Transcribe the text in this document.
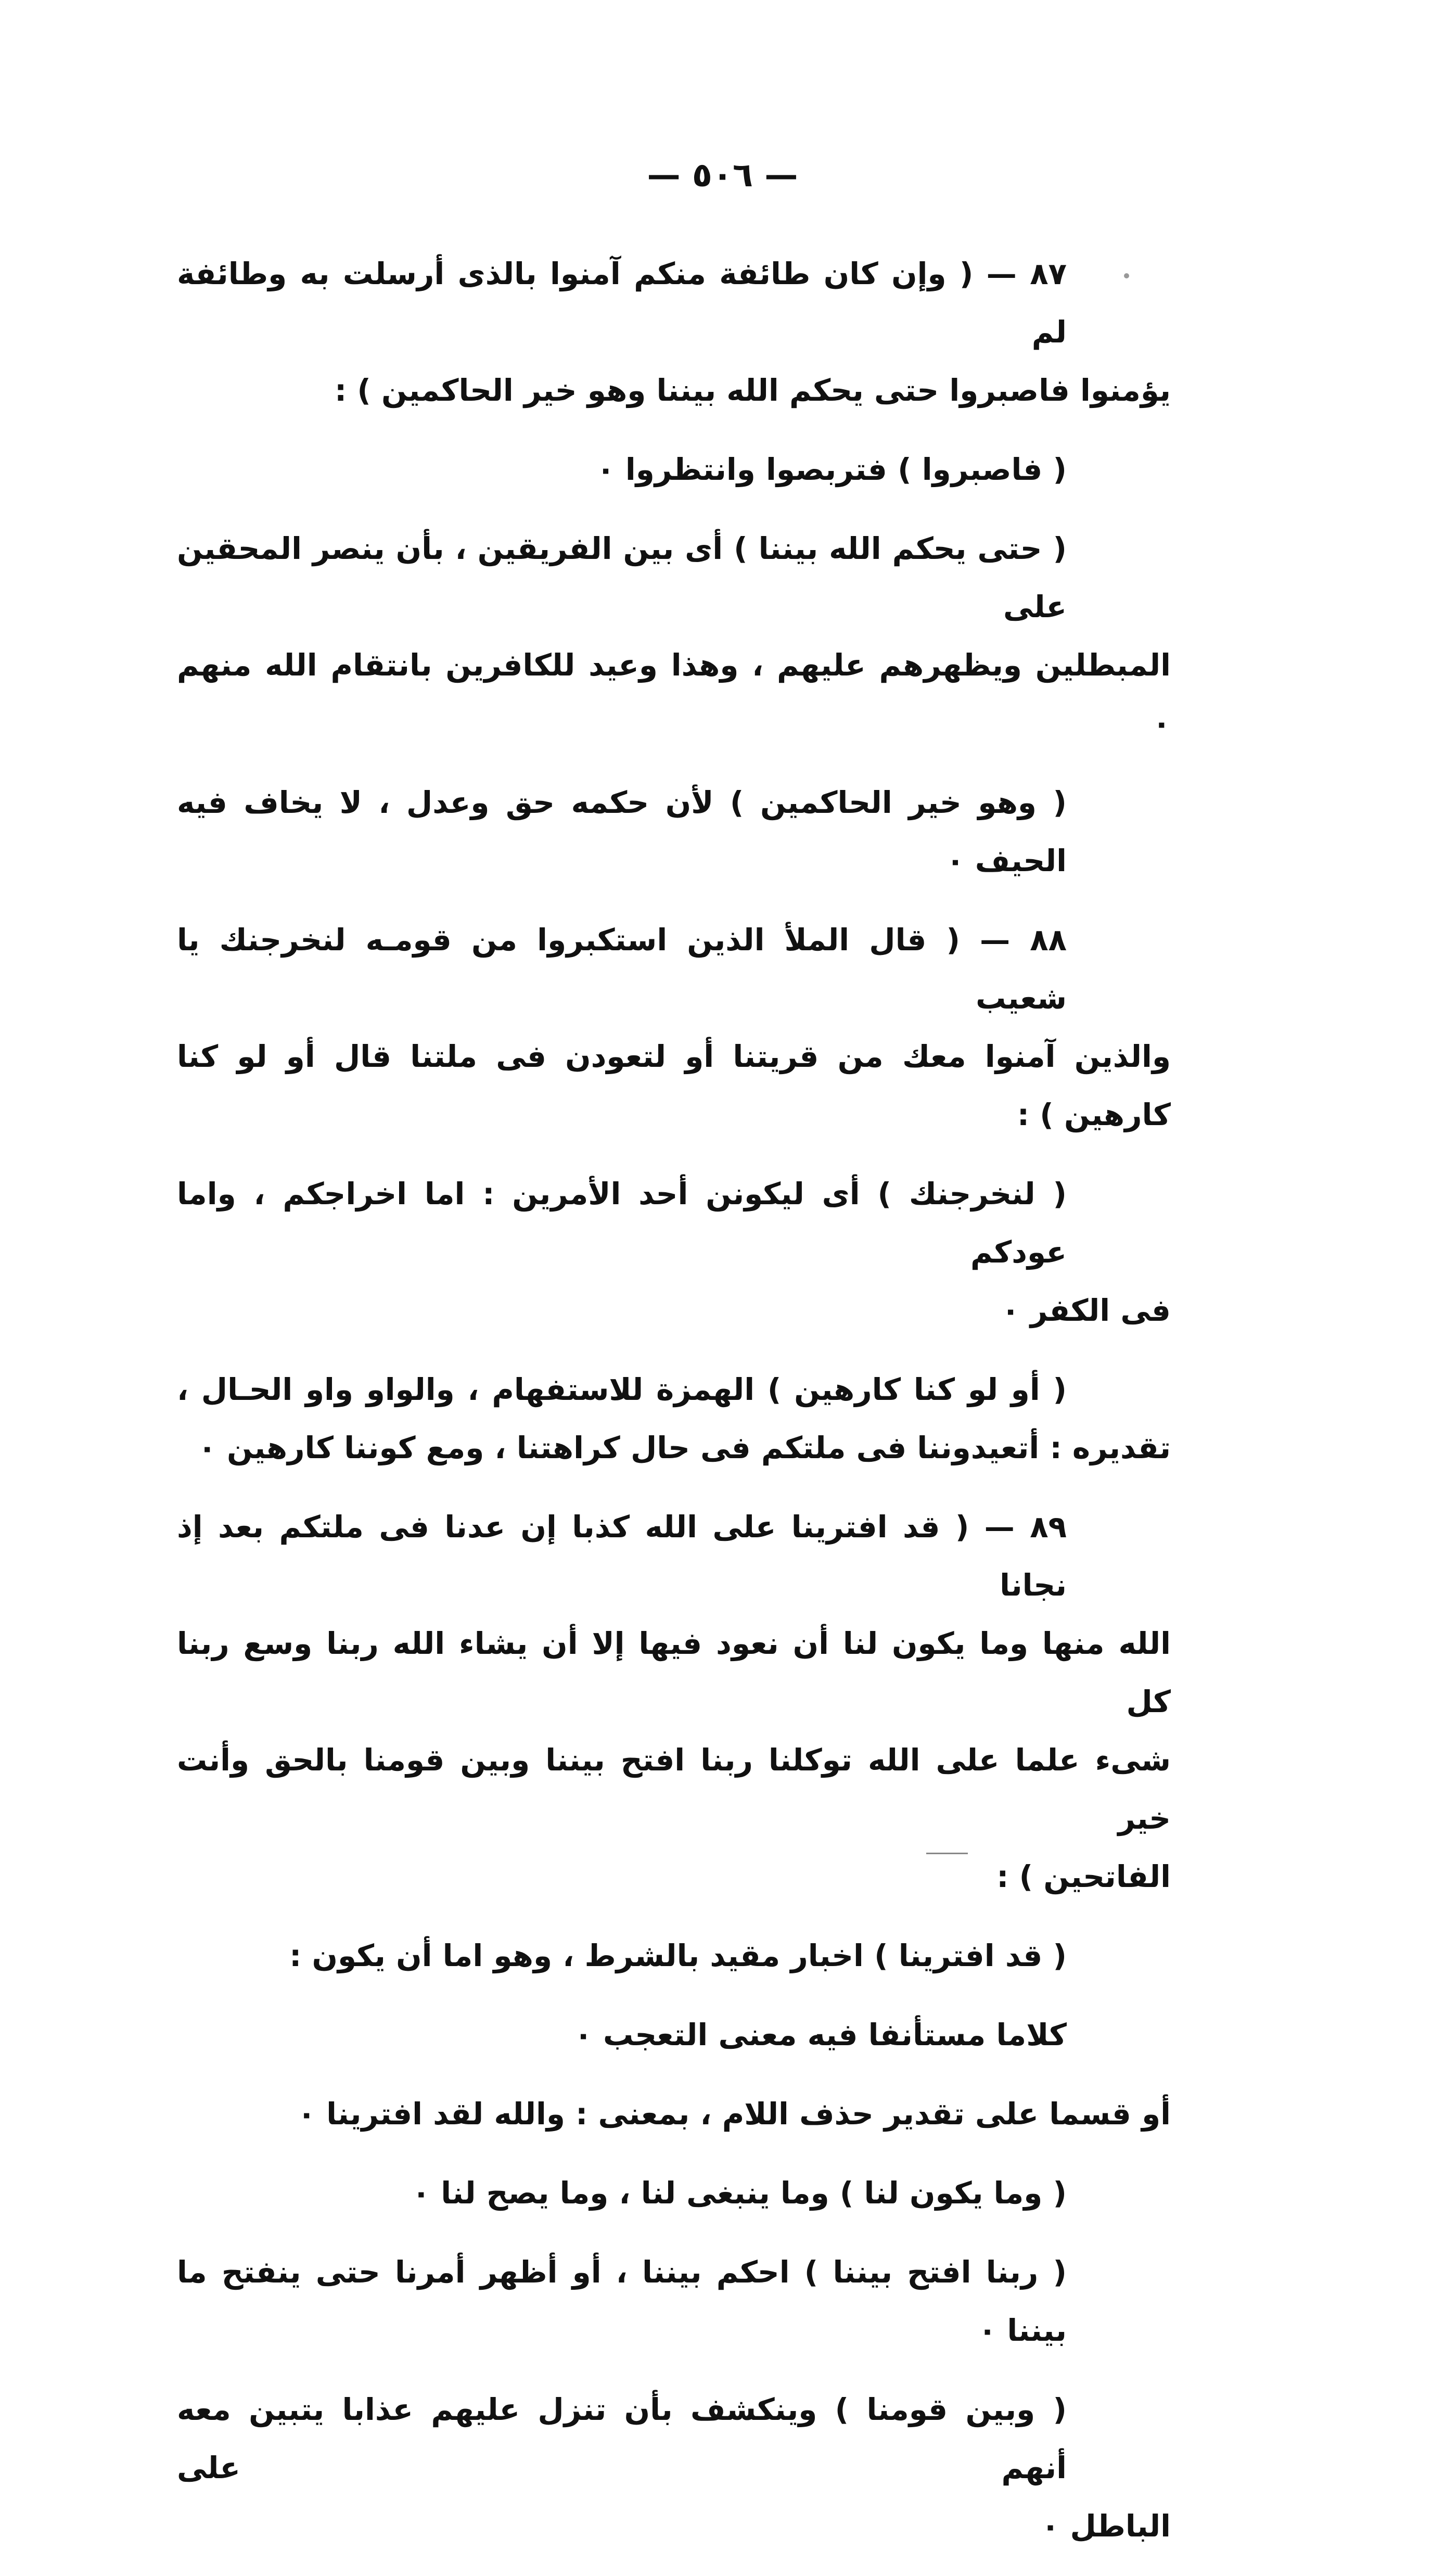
— ٥٠٦ —
٨٧ — ( وإن كان طائفة منكم آمنوا بالذى أرسلت به وطائفة لم
يؤمنوا فاصبروا حتى يحكم الله بيننا وهو خير الحاكمين ) :
( فاصبروا ) فتربصوا وانتظروا ٠
( حتى يحكم الله بيننا ) أى بين الفريقين ، بأن ينصر المحقين على
المبطلين ويظهرهم عليهم ، وهذا وعيد للكافرين بانتقام الله منهم ٠
( وهو خير الحاكمين ) لأن حكمه حق وعدل ، لا يخاف فيه الحيف ٠
٨٨ — ( قال الملأ الذين استكبروا من قومـه لنخرجنك يا شعيب
والذين آمنوا معك من قريتنا أو لتعودن فى ملتنا قال أو لو كنا كارهين ) :
( لنخرجنك ) أى ليكونن أحد الأمرين : اما اخراجكم ، واما عودكم
فى الكفر ٠
( أو لو كنا كارهين ) الهمزة للاستفهام ، والواو واو الحـال ،
تقديره : أتعيدوننا فى ملتكم فى حال كراهتنا ، ومع كوننا كارهين ٠
٨٩ — ( قد افترينا على الله كذبا إن عدنا فى ملتكم بعد إذ نجانا
الله منها وما يكون لنا أن نعود فيها إلا أن يشاء الله ربنا وسع ربنا كل
شىء علما على الله توكلنا ربنا افتح بيننا وبين قومنا بالحق وأنت خير
الفاتحين ) :
( قد افترينا ) اخبار مقيد بالشرط ، وهو اما أن يكون :
كلاما مستأنفا فيه معنى التعجب ٠
أو قسما على تقدير حذف اللام ، بمعنى : والله لقد افترينا ٠
( وما يكون لنا ) وما ينبغى لنا ، وما يصح لنا ٠
( ربنا افتح بيننا ) احكم بيننا ، أو أظهر أمرنا حتى ينفتح ما بيننا ٠
( وبين قومنا ) وينكشف بأن تنزل عليهم عذابا يتبين معه أنهم على
الباطل ٠
